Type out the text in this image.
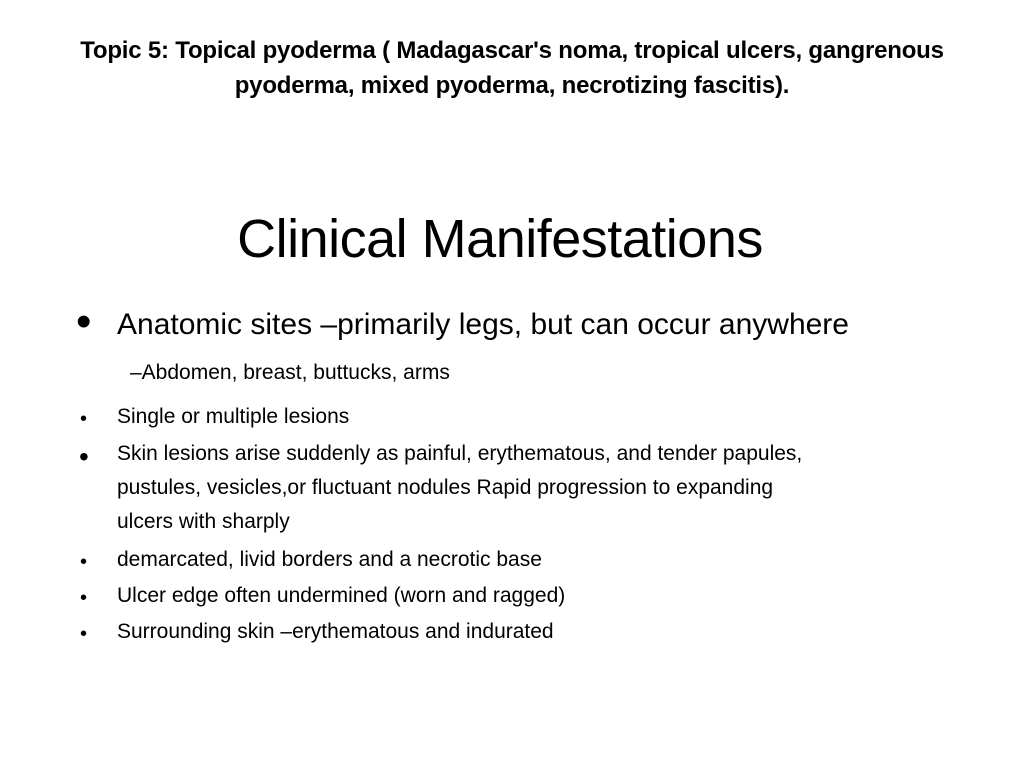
Topic 5: Topical pyoderma ( Madagascar's noma, tropical ulcers, gangrenous pyoderma, mixed pyoderma, necrotizing fascitis).
Clinical Manifestations
• Anatomic sites –primarily legs, but can occur anywhere
–Abdomen, breast, buttucks, arms
• Single or multiple lesions
• Skin lesions arise suddenly as painful, erythematous, and tender papules,
pustules, vesicles,or fluctuant nodules Rapid progression to expanding
ulcers with sharply
• demarcated, livid borders and a necrotic base
• Ulcer edge often undermined (worn and ragged)
• Surrounding skin –erythematous and indurated
